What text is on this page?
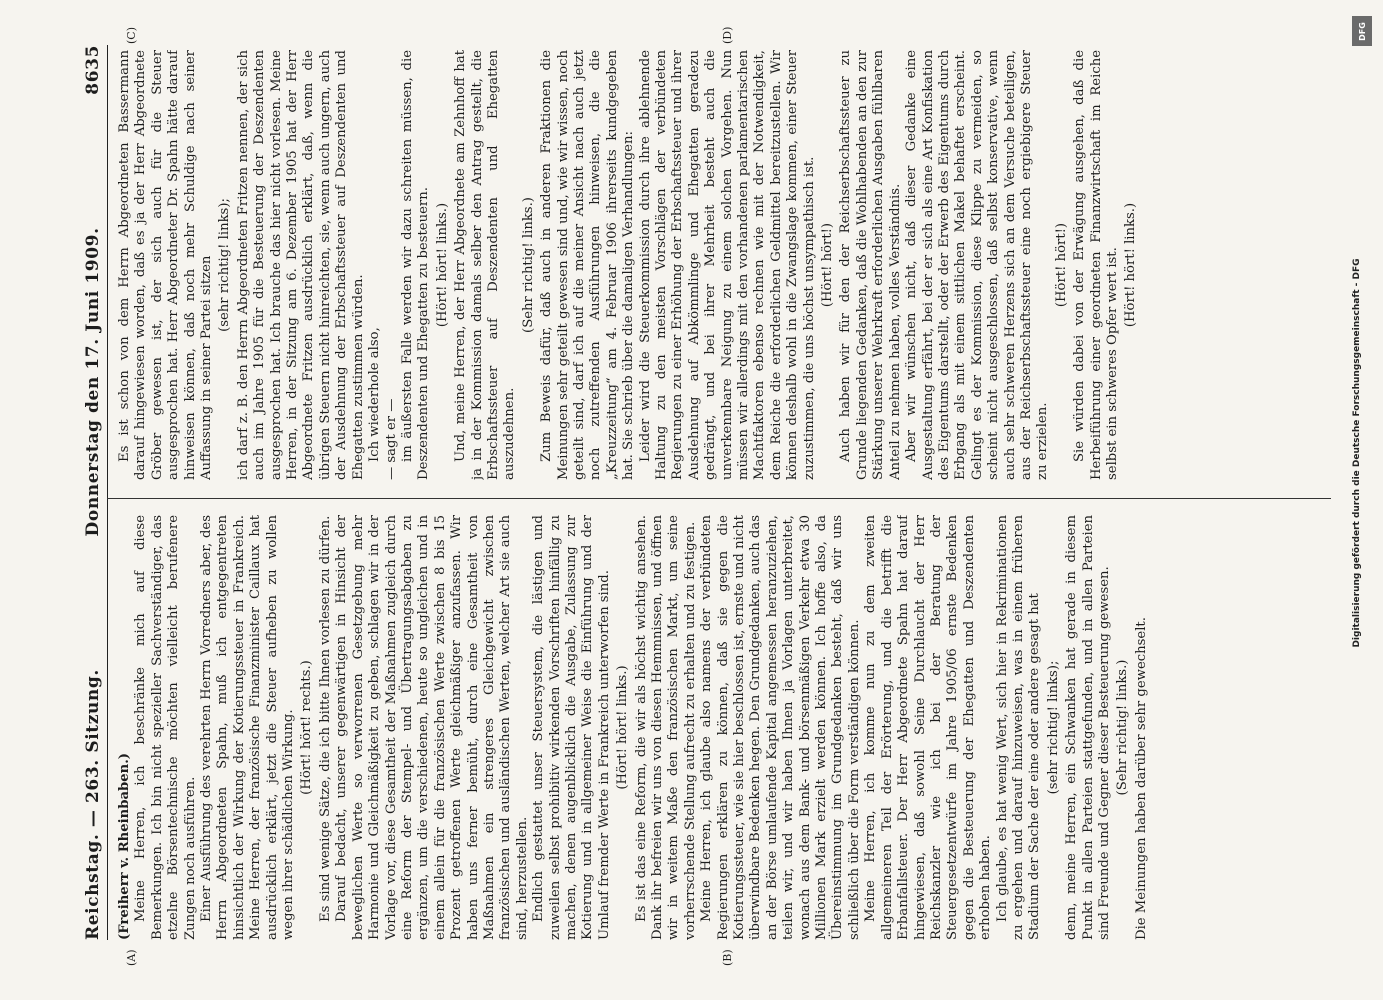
Reichstag. — 263. Sitzung.
Donnerstag den 17. Juni 1909.
8635
(A)	(B)
(C)	(D)

(Freiherr v. Rheinbaben.) Meine Herren, ich beschränke mich auf diese Bemerkungen. Ich bin nicht spezieller Sachverständiger, das etzelne Börsentechnische möchten vielleicht berufenere Zungen noch ausführen. Einer Ausführung des verehrten Herrn Vorredners aber, des Herrn Abgeordneten Spahn, muß ich entgegentreten hinsichtlich der Wirkung der Kotierungssteuer in Frankreich. Meine Herren, der französische Finanzminister Caillaux hat ausdrücklich erklärt, jetzt die Steuer aufheben zu wollen wegen ihrer schädlichen Wirkung. (Hört! hört! rechts.) Es sind wenige Sätze, die ich bitte Ihnen vorlesen zu dürfen. Darauf bedacht, unserer gegenwärtigen in Hinsicht der beweglichen Werte so verworrenen Gesetzgebung mehr Harmonie und Gleichmäßigkeit zu geben, schlagen wir in der Vorlage vor, diese Gesamtheit der Maßnahmen zugleich durch eine Reform der Stempel- und Übertragungsabgaben zu ergänzen, um die verschiedenen, heute so ungleichen und in einem allein für die französischen Werte zwischen 8 bis 15 Prozent getroffenen Werte gleichmäßiger anzufassen. Wir haben uns ferner bemüht, durch eine Gesamtheit von Maßnahmen ein strengeres Gleichgewicht zwischen französischen und ausländischen Werten, welcher Art sie auch sind, herzustellen. Endlich gestattet unser Steuersystem, die lästigen und zuweilen selbst prohibitiv wirkenden Vorschriften hinfällig zu machen, denen augenblicklich die Ausgabe, Zulassung zur Kotierung und in allgemeiner Weise die Einführung und der Umlauf fremder Werte in Frankreich unterworfen sind. (Hört! hört! links.) Es ist das eine Reform, die wir als höchst wichtig ansehen. Dank ihr befreien wir uns von diesen Hemmnissen, und öffnen wir in weitem Maße den französischen Markt, um seine vorherrschende Stellung aufrecht zu erhalten und zu festigen. Meine Herren, ich glaube also namens der verbündeten Regierungen erklären zu können, daß sie gegen die Kotierungssteuer, wie sie hier beschlossen ist, ernste und nicht überwindbare Bedenken hegen. Den Grundgedanken, auch das an der Börse umlaufende Kapital angemessen heranzuziehen, teilen wir, und wir haben Ihnen ja Vorlagen unterbreitet, wonach aus dem Bank- und börsenmäßigen Verkehr etwa 30 Millionen Mark erzielt werden können. Ich hoffe also, da Übereinstimmung im Grundgedanken besteht, daß wir uns schließlich über die Form verständigen können. Meine Herren, ich komme nun zu dem zweiten allgemeineren Teil der Erörterung, und die betrifft die Erbanfallsteuer. Der Herr Abgeordnete Spahn hat darauf hingewiesen, daß sowohl Seine Durchlaucht der Herr Reichskanzler wie ich bei der Beratung der Steuergesetzentwürfe im Jahre 1905/06 ernste Bedenken gegen die Besteuerung der Ehegatten und Deszendenten erhoben haben. Ich glaube, es hat wenig Wert, sich hier in Rekriminationen zu ergehen und darauf hinzuweisen, was in einem früheren Stadium der Sache der eine oder andere gesagt hat (sehr richtig! links); denn, meine Herren, ein Schwanken hat gerade in diesem Punkt in allen Parteien stattgefunden, und in allen Parteien sind Freunde und Gegner dieser Besteuerung gewesen. (Sehr richtig! links.) Die Meinungen haben darüber sehr gewechselt.

Es ist schon von dem Herrn Abgeordneten Bassermann darauf hingewiesen worden, daß es ja der Herr Abgeordnete Gröber gewesen ist, der sich auch für die Steuer ausgesprochen hat. Herr Abgeordneter Dr. Spahn hätte darauf hinweisen können, daß noch mehr Schuldige nach seiner Auffassung in seiner Partei sitzen (sehr richtig! links); ich darf z. B. den Herrn Abgeordneten Fritzen nennen, der sich auch im Jahre 1905 für die Besteuerung der Deszendenten ausgesprochen hat. Ich brauche das hier nicht vorlesen. Meine Herren, in der Sitzung am 6. Dezember 1905 hat der Herr Abgeordnete Fritzen ausdrücklich erklärt, daß, wenn die übrigen Steuern nicht hinreichten, sie, wenn auch ungern, auch der Ausdehnung der Erbschaftssteuer auf Deszendenten und Ehegatten zustimmen würden. Ich wiederhole also, — sagt er — im äußersten Falle werden wir dazu schreiten müssen, die Deszendenten und Ehegatten zu besteuern. (Hört! hört! links.) Und, meine Herren, der Herr Abgeordnete am Zehnhoff hat ja in der Kommission damals selber den Antrag gestellt, die Erbschaftssteuer auf Deszendenten und Ehegatten auszudehnen.

(Sehr richtig! links.) Zum Beweis dafür, daß auch in anderen Fraktionen die Meinungen sehr geteilt gewesen sind und, wie wir wissen, noch geteilt sind, darf ich auf die meiner Ansicht nach auch jetzt noch zutreffenden Ausführungen hinweisen, die die „Kreuzzeitung“ am 4. Februar 1906 ihrerseits kundgegeben hat. Sie schrieb über die damaligen Verhandlungen: Leider wird die Steuerkommission durch ihre ablehnende Haltung zu den meisten Vorschlägen der verbündeten Regierungen zu einer Erhöhung der Erbschaftssteuer und ihrer Ausdehnung auf Abkömmlinge und Ehegatten geradezu gedrängt, und bei ihrer Mehrheit besteht auch die unverkennbare Neigung zu einem solchen Vorgehen. Nun müssen wir allerdings mit den vorhandenen parlamentarischen Machtfaktoren ebenso rechnen wie mit der Notwendigkeit, dem Reiche die erforderlichen Geldmittel bereitzustellen. Wir können deshalb wohl in die Zwangslage kommen, einer Steuer zuzustimmen, die uns höchst unsympathisch ist. (Hört! hört!) Auch haben wir für den der Reichserbschaftssteuer zu Grunde liegenden Gedanken, daß die Wohlhabenden an den zur Stärkung unserer Wehrkraft erforderlichen Ausgaben fühlbaren Anteil zu nehmen haben, volles Verständnis. Aber wir wünschen nicht, daß dieser Gedanke eine Ausgestaltung erfährt, bei der er sich als eine Art Konfiskation des Eigentums darstellt, oder der Erwerb des Eigentums durch Erbgang als mit einem sittlichen Makel behaftet erscheint. Gelingt es der Kommission, diese Klippe zu vermeiden, so scheint nicht ausgeschlossen, daß selbst konservative, wenn auch sehr schweren Herzens sich an dem Versuche beteiligen, aus der Reichserbschaftssteuer eine noch ergiebigere Steuer zu erzielen.

(Hört! hört!) Sie würden dabei von der Erwägung ausgehen, daß die Herbeiführung einer geordneten Finanzwirtschaft im Reiche selbst ein schweres Opfer wert ist. (Hört! hört! links.)

DFG
Digitalisierung gefördert durch die Deutsche Forschungsgemeinschaft - DFG
